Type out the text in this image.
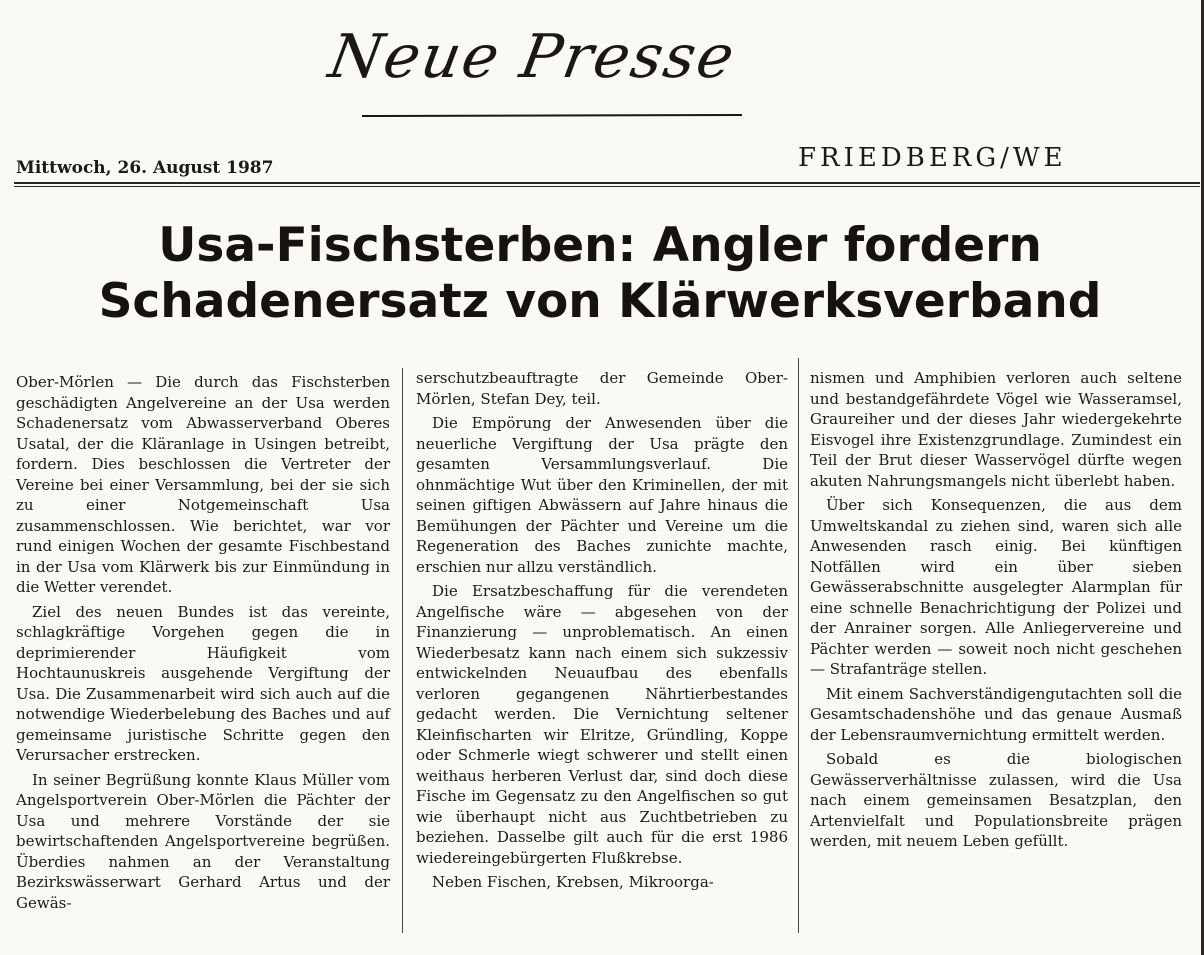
Neue Presse
Mittwoch, 26. August 1987	FRIEDBERG/WE
Usa-Fischsterben: Angler fordern
Schadenersatz von Klärwerksverband

Ober-Mörlen — Die durch das Fischsterben geschädigten Angelvereine an der Usa werden Schadenersatz vom Abwasserverband Oberes Usatal, der die Kläranlage in Usingen betreibt, fordern. Dies beschlossen die Vertreter der Vereine bei einer Versammlung, bei der sie sich zu einer Notgemeinschaft Usa zusammenschlossen. Wie berichtet, war vor rund einigen Wochen der gesamte Fischbestand in der Usa vom Klärwerk bis zur Einmündung in die Wetter verendet.

Ziel des neuen Bundes ist das vereinte, schlagkräftige Vorgehen gegen die in deprimierender Häufigkeit vom Hochtaunuskreis ausgehende Vergiftung der Usa. Die Zusammenarbeit wird sich auch auf die notwendige Wiederbelebung des Baches und auf gemeinsame juristische Schritte gegen den Verursacher erstrecken.

In seiner Begrüßung konnte Klaus Müller vom Angelsportverein Ober-Mörlen die Pächter der Usa und mehrere Vorstände der sie bewirtschaftenden Angelsportvereine begrüßen. Überdies nahmen an der Veranstaltung Bezirkswässerwart Gerhard Artus und der Gewäs-

serschutzbeauftragte der Gemeinde Ober-Mörlen, Stefan Dey, teil.

Die Empörung der Anwesenden über die neuerliche Vergiftung der Usa prägte den gesamten Versammlungsverlauf. Die ohnmächtige Wut über den Kriminellen, der mit seinen giftigen Abwässern auf Jahre hinaus die Bemühungen der Pächter und Vereine um die Regeneration des Baches zunichte machte, erschien nur allzu verständlich.

Die Ersatzbeschaffung für die verendeten Angelfische wäre — abgesehen von der Finanzierung — unproblematisch. An einen Wiederbesatz kann nach einem sich sukzessiv entwickelnden Neuaufbau des ebenfalls verloren gegangenen Nährtierbestandes gedacht werden. Die Vernichtung seltener Kleinfischarten wir Elritze, Gründling, Koppe oder Schmerle wiegt schwerer und stellt einen weithaus herberen Verlust dar, sind doch diese Fische im Gegensatz zu den Angelfischen so gut wie überhaupt nicht aus Zuchtbetrieben zu beziehen. Dasselbe gilt auch für die erst 1986 wiedereingebürgerten Flußkrebse.

Neben Fischen, Krebsen, Mikroorga-

nismen und Amphibien verloren auch seltene und bestandgefährdete Vögel wie Wasseramsel, Graureiher und der dieses Jahr wiedergekehrte Eisvogel ihre Existenzgrundlage. Zumindest ein Teil der Brut dieser Wasservögel dürfte wegen akuten Nahrungsmangels nicht überlebt haben.

Über sich Konsequenzen, die aus dem Umweltskandal zu ziehen sind, waren sich alle Anwesenden rasch einig. Bei künftigen Notfällen wird ein über sieben Gewässerabschnitte ausgelegter Alarmplan für eine schnelle Benachrichtigung der Polizei und der Anrainer sorgen. Alle Anliegervereine und Pächter werden — soweit noch nicht geschehen — Strafanträge stellen.

Mit einem Sachverständigengutachten soll die Gesamtschadenshöhe und das genaue Ausmaß der Lebensraumvernichtung ermittelt werden.

Sobald es die biologischen Gewässerverhältnisse zulassen, wird die Usa nach einem gemeinsamen Besatzplan, den Artenvielfalt und Populationsbreite prägen werden, mit neuem Leben gefüllt.
